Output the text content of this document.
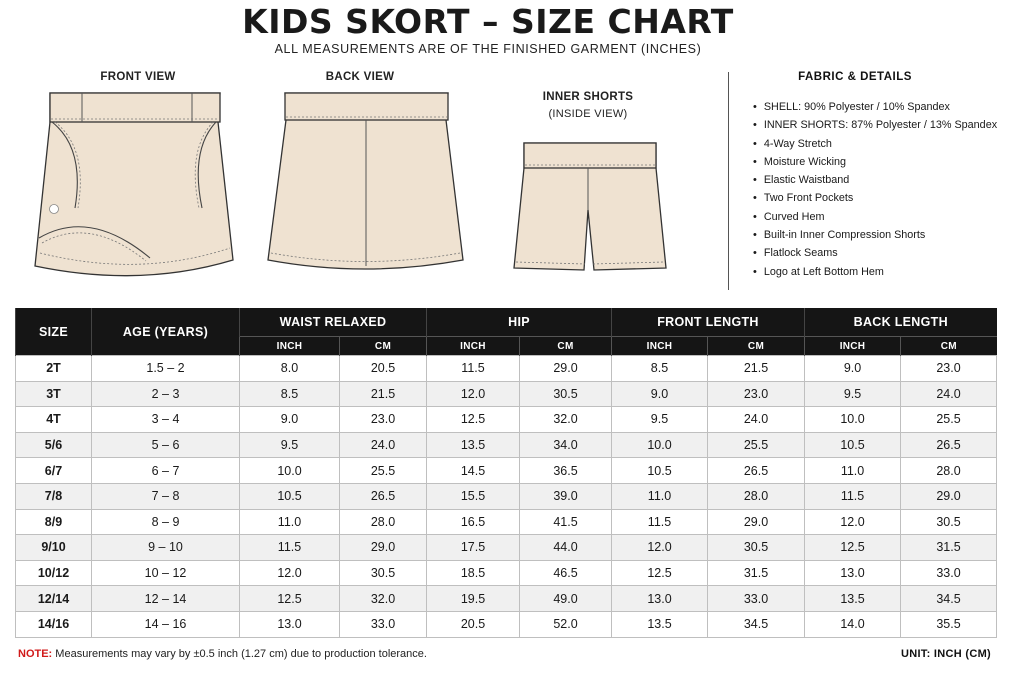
KIDS SKORT – SIZE CHART
ALL MEASUREMENTS ARE OF THE FINISHED GARMENT (INCHES)
FRONT VIEW	BACK VIEW
INNER SHORTS
(INSIDE VIEW)
FABRIC & DETAILS
• SHELL: 90% Polyester / 10% Spandex
• INNER SHORTS: 87% Polyester / 13% Spandex
• 4-Way Stretch
• Moisture Wicking
• Elastic Waistband
• Two Front Pockets
• Curved Hem
• Built-in Inner Compression Shorts
• Flatlock Seams
• Logo at Left Bottom Hem
SIZE	AGE (YEARS)	WAIST RELAXED		HIP		FRONT LENGTH		BACK LENGTH	
		INCH	CM	INCH	CM	INCH	CM	INCH	CM
2T	1.5 – 2	8.0	20.5	11.5	29.0	8.5	21.5	9.0	23.0
3T	2 – 3	8.5	21.5	12.0	30.5	9.0	23.0	9.5	24.0
4T	3 – 4	9.0	23.0	12.5	32.0	9.5	24.0	10.0	25.5
5/6	5 – 6	9.5	24.0	13.5	34.0	10.0	25.5	10.5	26.5
6/7	6 – 7	10.0	25.5	14.5	36.5	10.5	26.5	11.0	28.0
7/8	7 – 8	10.5	26.5	15.5	39.0	11.0	28.0	11.5	29.0
8/9	8 – 9	11.0	28.0	16.5	41.5	11.5	29.0	12.0	30.5
9/10	9 – 10	11.5	29.0	17.5	44.0	12.0	30.5	12.5	31.5
10/12	10 – 12	12.0	30.5	18.5	46.5	12.5	31.5	13.0	33.0
12/14	12 – 14	12.5	32.0	19.5	49.0	13.0	33.0	13.5	34.5
14/16	14 – 16	13.0	33.0	20.5	52.0	13.5	34.5	14.0	35.5
NOTE: Measurements may vary by ±0.5 inch (1.27 cm) due to production tolerance.	UNIT: INCH (CM)
